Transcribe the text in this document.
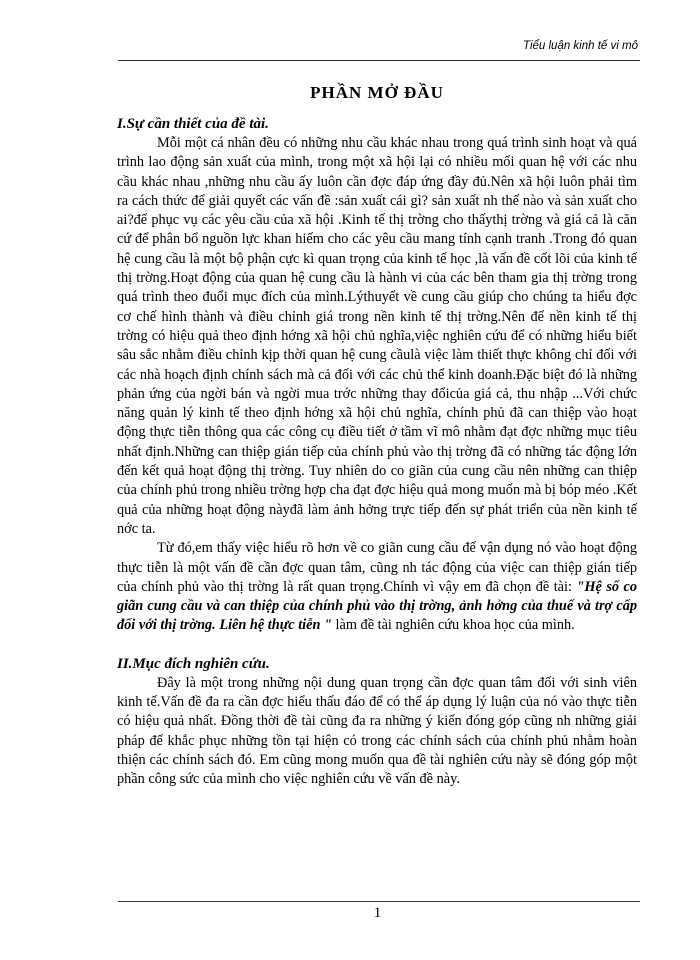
Tiểu luận kinh tế vi mô
PHẦN MỞ ĐẦU
I.Sự cần thiết của đề tài.

Mỗi một cá nhân đều có những nhu cầu khác nhau trong quá trình sinh hoạt và quá trình lao động sản xuất của mình, trong một xã hội lại có nhiều mối quan hệ với các nhu cầu khác nhau ,những nhu cầu ấy luôn cần đợc đáp ứng đầy đủ.Nên xã hội luôn phải tìm ra cách thức để giải quyết các vấn đề :sản xuất cái gì? sản xuất nh thế nào và sản xuất cho ai?để phục vụ các yêu cầu của xã hội .Kinh tế thị trờng cho thấythị trờng và giá cả là căn cứ để phân bổ nguồn lực khan hiếm cho các yêu cầu mang tính cạnh tranh .Trong đó quan hệ cung cầu là một bộ phận cực kì quan trọng của kinh tế học ,là vấn đề cốt lõi của kinh tế thị trờng.Hoạt động của quan hệ cung cầu là hành vi của các bên tham gia thị trờng trong quá trình theo đuổi mục đích của mình.Lýthuyết về cung cầu giúp cho chúng ta hiểu đợc cơ chế hình thành và điều chỉnh giá trong nền kinh tế thị trờng.Nên để nền kinh tế thị trờng có hiệu quả theo định hớng xã hội chủ nghĩa,việc nghiên cứu để có những hiểu biết sâu sắc nhằm điều chỉnh kịp thời quan hệ cung cầulà việc làm thiết thực không chỉ đối với các nhà hoạch định chính sách mà cả đối với các chủ thể kinh doanh.Đặc biệt đó là những phản ứng của ngời bán và ngời mua trớc những thay đổicủa giá cả, thu nhập ...Với chức năng quản lý kinh tế theo định hớng xã hội chủ nghĩa, chính phủ đã can thiệp vào hoạt động thực tiễn thông qua các công cụ điều tiết ở tầm vĩ mô nhằm đạt đợc những mục tiêu nhất định.Những can thiệp gián tiếp của chính phủ vào thị trờng đã có những tác động lớn đến kết quả hoạt động thị trờng. Tuy nhiên do co giãn của cung cầu nên những can thiệp của chính phủ trong nhiều trờng hợp cha đạt đợc hiệu quả mong muốn mà bị bóp méo .Kết quả của những hoạt động nàyđã làm ảnh hởng trực tiếp đến sự phát triển của nền kinh tế nớc ta.

Từ đó,em thấy việc hiểu rõ hơn về co giãn cung cầu để vận dụng nó vào hoạt động thực tiễn là một vấn đề cần đợc quan tâm, cũng nh tác động của việc can thiệp gián tiếp của chính phủ vào thị trờng là rất quan trọng.Chính vì vậy em đã chọn đề tài: "Hệ số co giãn cung cầu và can thiệp của chính phủ vào thị trờng, ảnh hởng của thuế và trợ cấp đối với thị trờng. Liên hệ thực tiễn " làm đề tài nghiên cứu khoa học của mình.

II.Mục đích nghiên cứu.

Đây là một trong những nội dung quan trọng cần đợc quan tâm đối với sinh viên kinh tế.Vấn đề đa ra cần đợc hiểu thấu đáo để có thể áp dụng lý luận của nó vào thực tiễn có hiệu quả nhất. Đồng thời đề tài cũng đa ra những ý kiến đóng góp cũng nh những giải pháp để khắc phục những tồn tại hiện có trong các chính sách của chính phủ nhằm hoàn thiện các chính sách đó. Em cũng mong muốn qua đề tài nghiên cứu này sẽ đóng góp một phần công sức của mình cho việc nghiên cứu về vấn đề này.

1
